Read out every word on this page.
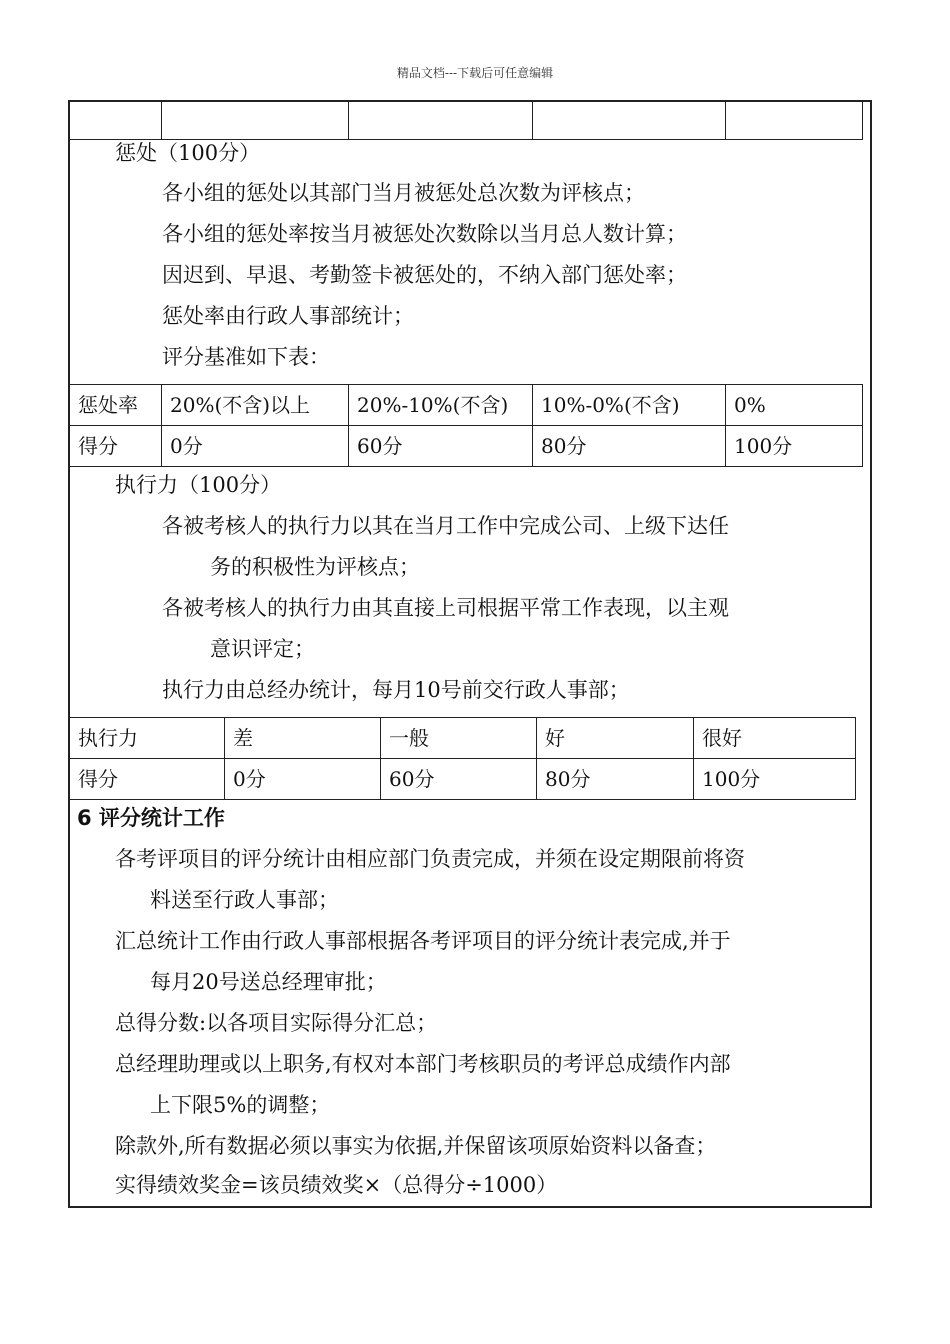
精品文档---下载后可任意编辑

惩处（100分）
各小组的惩处以其部门当月被惩处总次数为评核点；
各小组的惩处率按当月被惩处次数除以当月总人数计算；
因迟到、早退、考勤签卡被惩处的，不纳入部门惩处率；
惩处率由行政人事部统计；
评分基准如下表：
惩处率	20%(不含)以上	20%-10%(不含)	10%-0%(不含)	0%
得分	0分	60分	80分	100分
执行力（100分）
各被考核人的执行力以其在当月工作中完成公司、上级下达任
务的积极性为评核点；
各被考核人的执行力由其直接上司根据平常工作表现，以主观
意识评定；
执行力由总经办统计，每月10号前交行政人事部；
执行力	差	一般	好	很好
得分	0分	60分	80分	100分
6 评分统计工作
各考评项目的评分统计由相应部门负责完成，并须在设定期限前将资
料送至行政人事部；
汇总统计工作由行政人事部根据各考评项目的评分统计表完成,并于
每月20号送总经理审批；
总得分数:以各项目实际得分汇总；
总经理助理或以上职务,有权对本部门考核职员的考评总成绩作内部
上下限5%的调整；
除款外,所有数据必须以事实为依据,并保留该项原始资料以备查；
实得绩效奖金=该员绩效奖×（总得分÷1000）
